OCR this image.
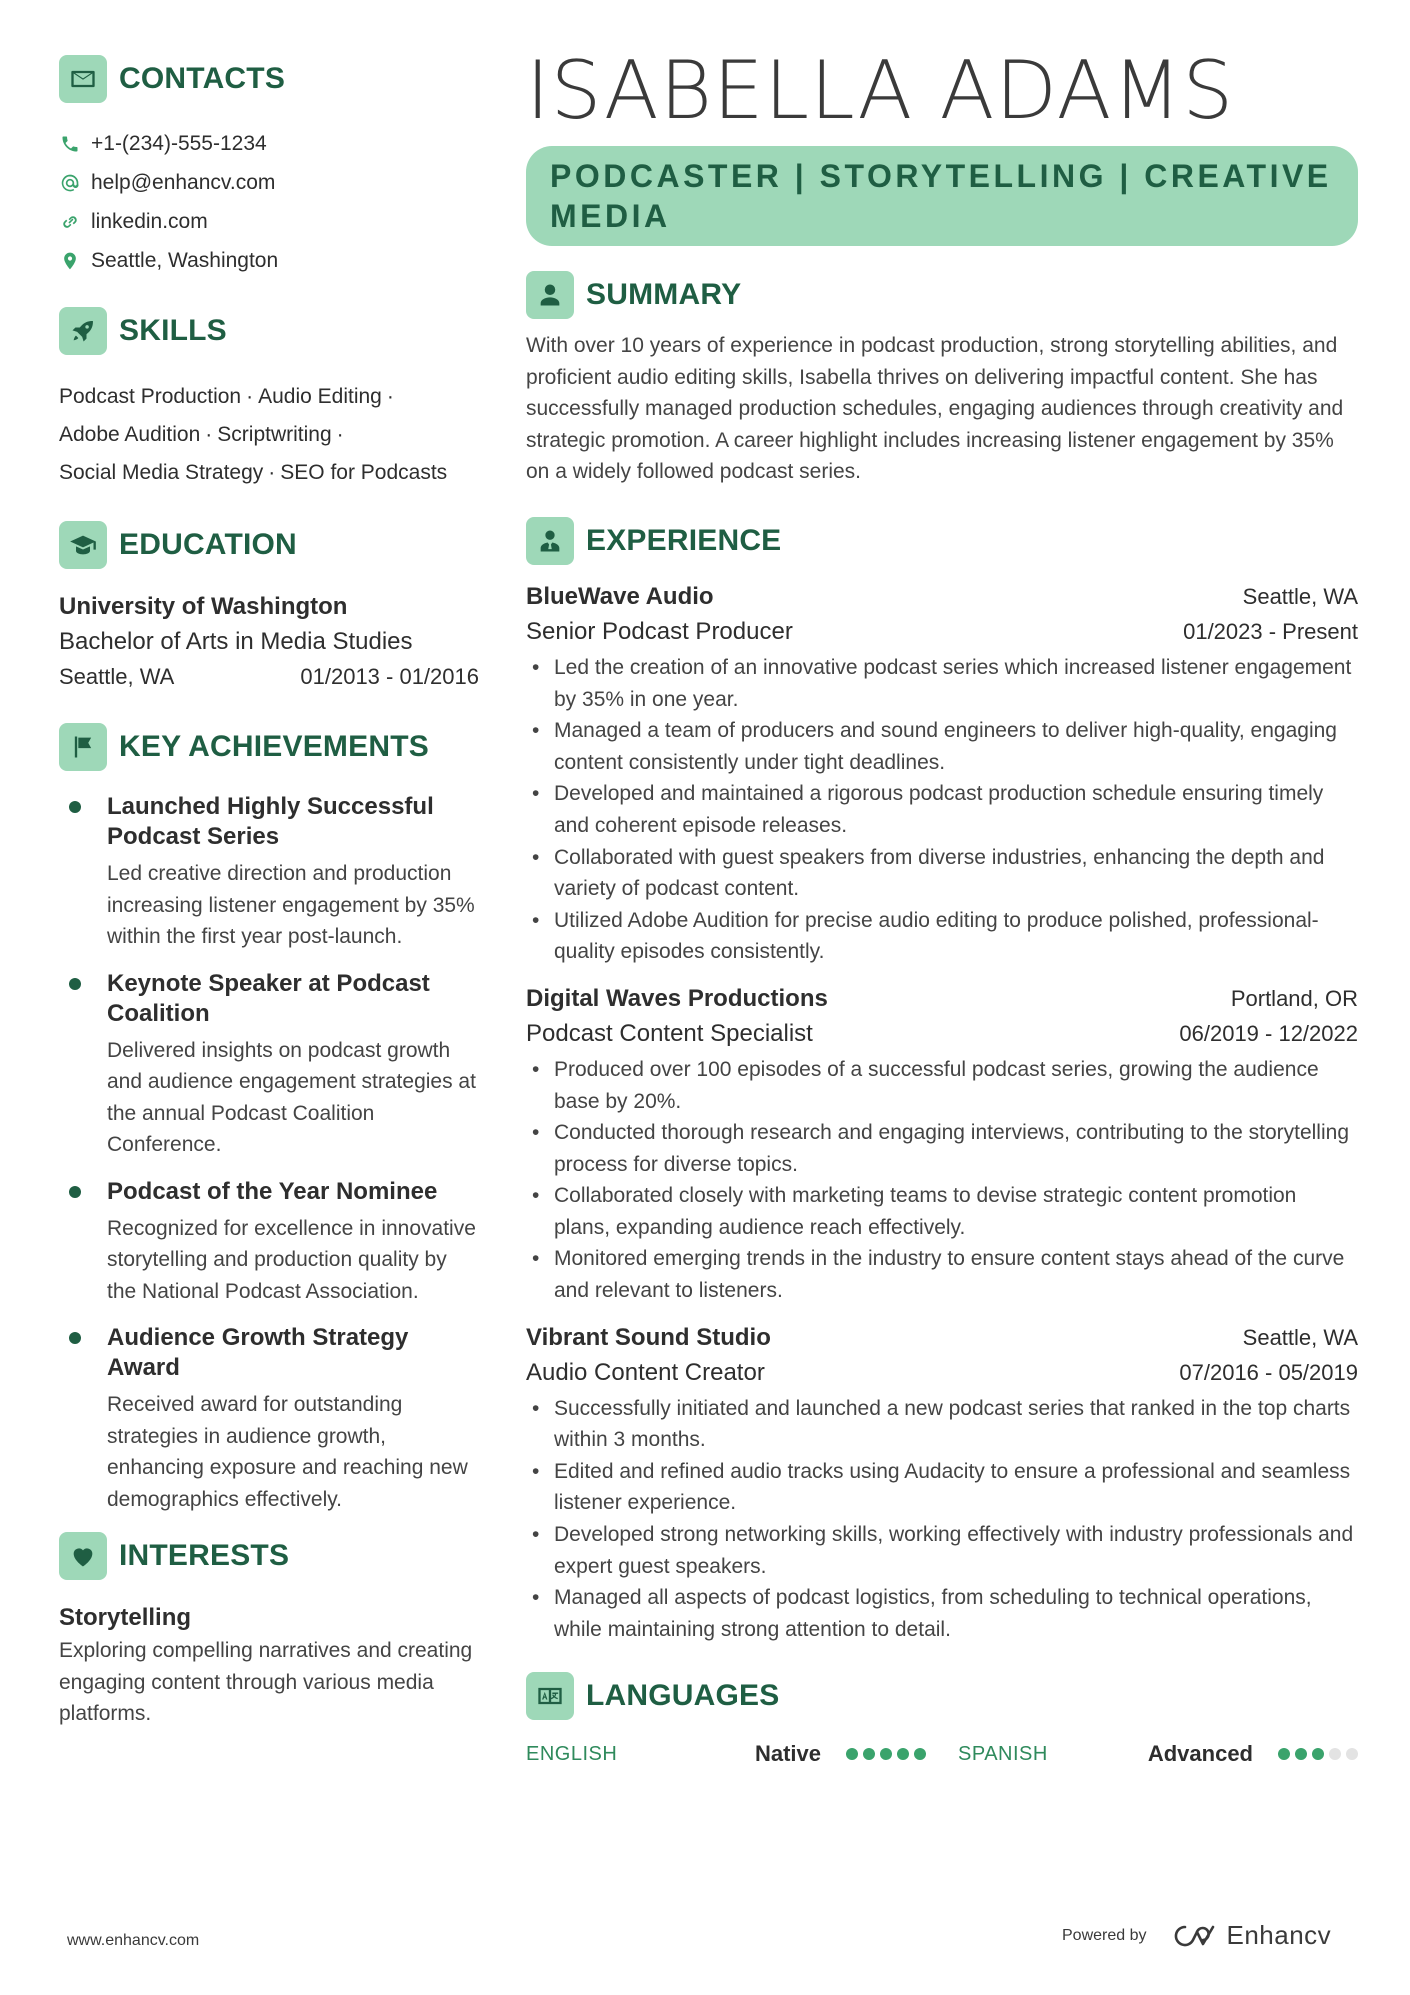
CONTACTS
+1-(234)-555-1234
help@enhancv.com
linkedin.com
Seattle, Washington
SKILLS
Podcast Production · Audio Editing ·
Adobe Audition · Scriptwriting ·
Social Media Strategy · SEO for Podcasts
EDUCATION
University of Washington
Bachelor of Arts in Media Studies
Seattle, WA	01/2013 - 01/2016
KEY ACHIEVEMENTS
Launched Highly Successful Podcast Series
Led creative direction and production increasing listener engagement by 35% within the first year post-launch.
Keynote Speaker at Podcast Coalition
Delivered insights on podcast growth and audience engagement strategies at the annual Podcast Coalition Conference.
Podcast of the Year Nominee
Recognized for excellence in innovative storytelling and production quality by the National Podcast Association.
Audience Growth Strategy Award
Received award for outstanding strategies in audience growth, enhancing exposure and reaching new demographics effectively.
INTERESTS
Storytelling
Exploring compelling narratives and creating engaging content through various media platforms.
ISABELLA ADAMS
PODCASTER | STORYTELLING | CREATIVE MEDIA
SUMMARY
With over 10 years of experience in podcast production, strong storytelling abilities, and proficient audio editing skills, Isabella thrives on delivering impactful content. She has successfully managed production schedules, engaging audiences through creativity and strategic promotion. A career highlight includes increasing listener engagement by 35% on a widely followed podcast series.
EXPERIENCE
BlueWave Audio	Seattle, WA
Senior Podcast Producer	01/2023 - Present
• Led the creation of an innovative podcast series which increased listener engagement by 35% in one year.
• Managed a team of producers and sound engineers to deliver high-quality, engaging content consistently under tight deadlines.
• Developed and maintained a rigorous podcast production schedule ensuring timely and coherent episode releases.
• Collaborated with guest speakers from diverse industries, enhancing the depth and variety of podcast content.
• Utilized Adobe Audition for precise audio editing to produce polished, professional-quality episodes consistently.
Digital Waves Productions	Portland, OR
Podcast Content Specialist	06/2019 - 12/2022
• Produced over 100 episodes of a successful podcast series, growing the audience base by 20%.
• Conducted thorough research and engaging interviews, contributing to the storytelling process for diverse topics.
• Collaborated closely with marketing teams to devise strategic content promotion plans, expanding audience reach effectively.
• Monitored emerging trends in the industry to ensure content stays ahead of the curve and relevant to listeners.
Vibrant Sound Studio	Seattle, WA
Audio Content Creator	07/2016 - 05/2019
• Successfully initiated and launched a new podcast series that ranked in the top charts within 3 months.
• Edited and refined audio tracks using Audacity to ensure a professional and seamless listener experience.
• Developed strong networking skills, working effectively with industry professionals and expert guest speakers.
• Managed all aspects of podcast logistics, from scheduling to technical operations, while maintaining strong attention to detail.
LANGUAGES
ENGLISH	Native	SPANISH	Advanced
www.enhancv.com	Powered by	Enhancv
